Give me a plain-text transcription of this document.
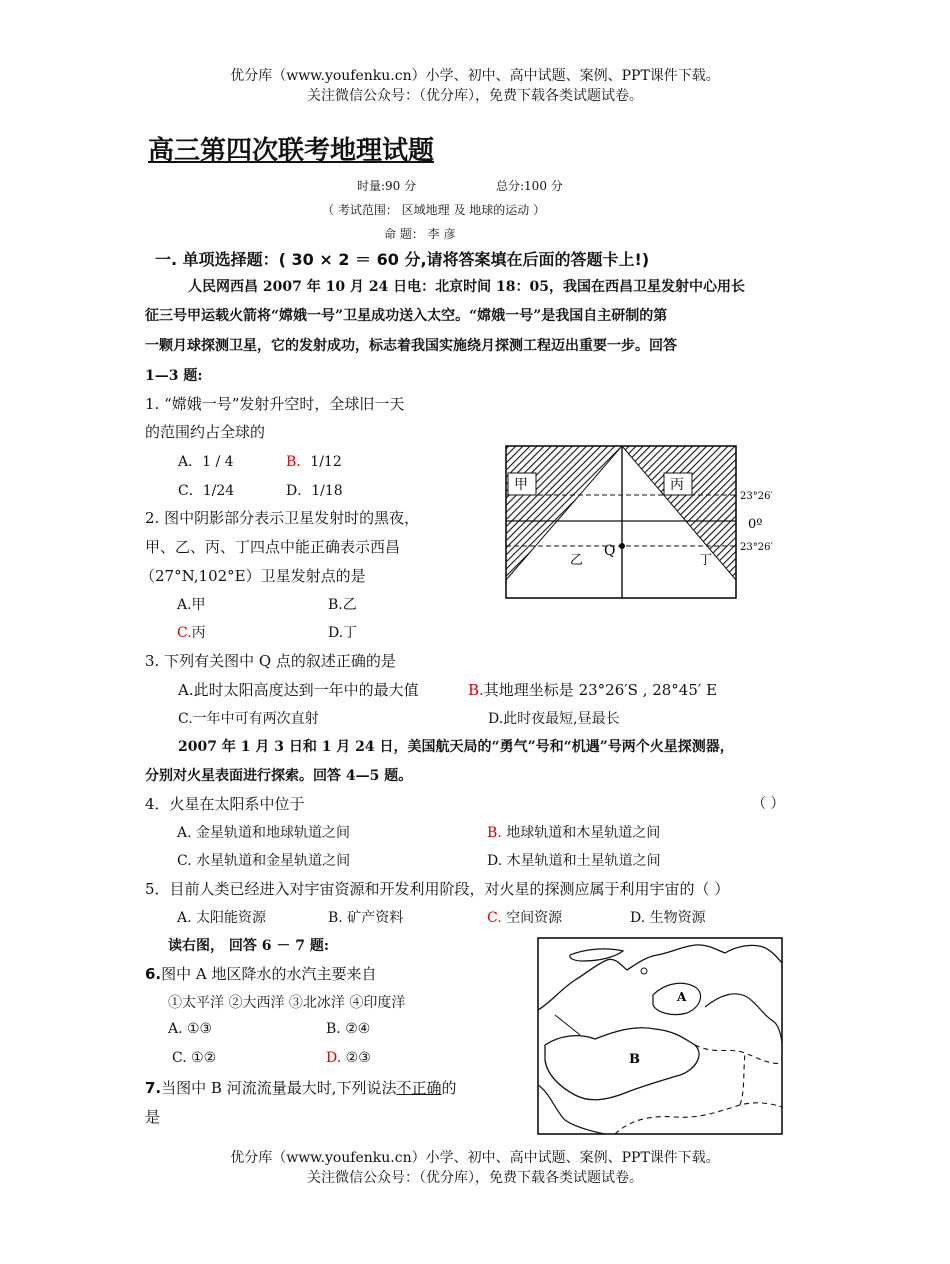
优分库（www.youfenku.cn）小学、初中、高中试题、案例、PPT课件下载。
关注微信公众号：（优分库），免费下载各类试题试卷。
高三第四次联考地理试题
时量:90 分	总分:100 分
（ 考试范围： 区域地理 及 地球的运动 ）
命 题： 李 彦
一. 单项选择题：( 30 × 2 ＝ 60 分,请将答案填在后面的答题卡上!)
人民网西昌 2007 年 10 月 24 日电：北京时间 18：05，我国在西昌卫星发射中心用长
征三号甲运载火箭将“嫦娥一号”卫星成功送入太空。“嫦娥一号”是我国自主研制的第
一颗月球探测卫星，它的发射成功，标志着我国实施绕月探测工程迈出重要一步。回答
1—3 题:
1. “嫦娥一号”发射升空时，全球旧一天
的范围约占全球的
A．1 / 4	B．1/12
C．1/24	D．1/18
2. 图中阴影部分表示卫星发射时的黑夜，
甲、乙、丙、丁四点中能正确表示西昌
（27°N,102°E）卫星发射点的是
A.甲	B.乙
C.丙	D.丁
甲	丙
乙	丁
Q
23°26′
0º
23°26′
3. 下列有关图中 Q 点的叙述正确的是
A.此时太阳高度达到一年中的最大值	B.其地理坐标是 23°26′S , 28°45′ E
C.一年中可有两次直射	D.此时夜最短,昼最长
2007 年 1 月 3 日和 1 月 24 日，美国航天局的“勇气”号和“机遇”号两个火星探测器，
分别对火星表面进行探索。回答 4—5 题。
4．火星在太阳系中位于	（ ）
A. 金星轨道和地球轨道之间	B. 地球轨道和木星轨道之间
C. 水星轨道和金星轨道之间	D. 木星轨道和土星轨道之间
5．目前人类已经进入对宇宙资源和开发利用阶段，对火星的探测应属于利用宇宙的（ ）
A. 太阳能资源	B. 矿产资料	C. 空间资源	D. 生物资源
读右图， 回答 6 － 7 题:
6.图中 A 地区降水的水汽主要来自
①太平洋 ②大西洋 ③北冰洋 ④印度洋
A. ①③	B. ②④
C. ①②	D. ②③
7.当图中 B 河流流量最大时,下列说法不正确的
是
A
B
优分库（www.youfenku.cn）小学、初中、高中试题、案例、PPT课件下载。
关注微信公众号：（优分库），免费下载各类试题试卷。
